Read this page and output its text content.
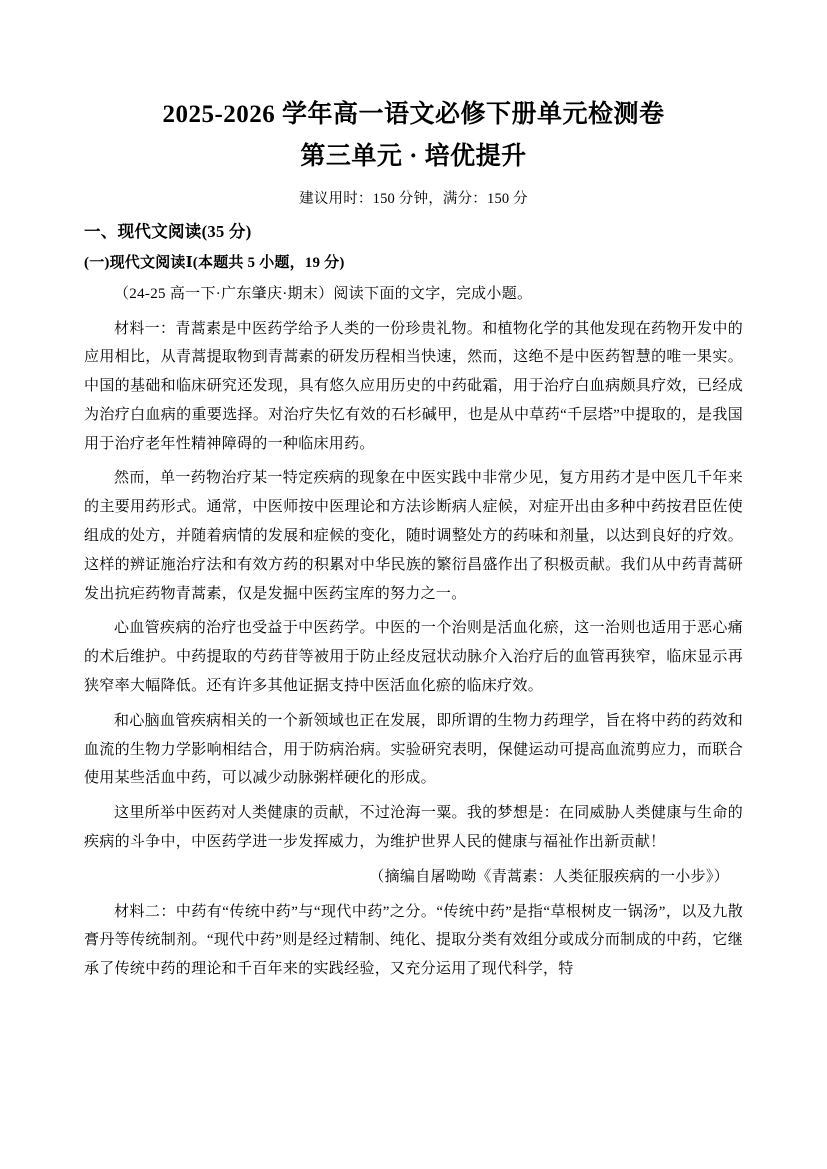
2025-2026 学年高一语文必修下册单元检测卷
第三单元 · 培优提升

建议用时：150 分钟，满分：150 分

一、现代文阅读(35 分)
(一)现代文阅读Ⅰ(本题共 5 小题，19 分)

（24-25 高一下·广东肇庆·期末）阅读下面的文字，完成小题。

材料一：青蒿素是中医药学给予人类的一份珍贵礼物。和植物化学的其他发现在药物开发中的应用相比，从青蒿提取物到青蒿素的研发历程相当快速，然而，这绝不是中医药智慧的唯一果实。中国的基础和临床研究还发现，具有悠久应用历史的中药砒霜，用于治疗白血病颇具疗效，已经成为治疗白血病的重要选择。对治疗失忆有效的石杉碱甲，也是从中草药“千层塔”中提取的，是我国用于治疗老年性精神障碍的一种临床用药。

然而，单一药物治疗某一特定疾病的现象在中医实践中非常少见，复方用药才是中医几千年来的主要用药形式。通常，中医师按中医理论和方法诊断病人症候，对症开出由多种中药按君臣佐使组成的处方，并随着病情的发展和症候的变化，随时调整处方的药味和剂量，以达到良好的疗效。这样的辨证施治疗法和有效方药的积累对中华民族的繁衍昌盛作出了积极贡献。我们从中药青蒿研发出抗疟药物青蒿素，仅是发掘中医药宝库的努力之一。

心血管疾病的治疗也受益于中医药学。中医的一个治则是活血化瘀，这一治则也适用于恶心痛的术后维护。中药提取的芍药苷等被用于防止经皮冠状动脉介入治疗后的血管再狭窄，临床显示再狭窄率大幅降低。还有许多其他证据支持中医活血化瘀的临床疗效。

和心脑血管疾病相关的一个新领域也正在发展，即所谓的生物力药理学，旨在将中药的药效和血流的生物力学影响相结合，用于防病治病。实验研究表明，保健运动可提高血流剪应力，而联合使用某些活血中药，可以减少动脉粥样硬化的形成。

这里所举中医药对人类健康的贡献，不过沧海一粟。我的梦想是：在同威胁人类健康与生命的疾病的斗争中，中医药学进一步发挥威力，为维护世界人民的健康与福祉作出新贡献！

（摘编自屠呦呦《青蒿素：人类征服疾病的一小步》）

材料二：中药有“传统中药”与“现代中药”之分。“传统中药”是指“草根树皮一锅汤”，以及九散膏丹等传统制剂。“现代中药”则是经过精制、纯化、提取分类有效组分或成分而制成的中药，它继承了传统中药的理论和千百年来的实践经验，又充分运用了现代科学，特
